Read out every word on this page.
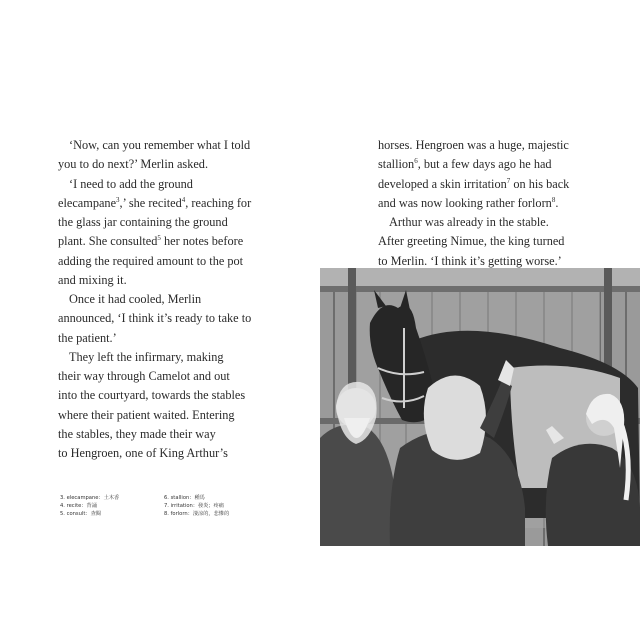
‘Now, can you remember what I told
you to do next?’ Merlin asked.
‘I need to add the ground
elecampane$^3$,’ she recited$^4$, reaching for
the glass jar containing the ground
plant. She consulted$^5$ her notes before
adding the required amount to the pot
and mixing it.
Once it had cooled, Merlin
announced, ‘I think it’s ready to take to
the patient.’
They left the infirmary, making
their way through Camelot and out
into the courtyard, towards the stables
where their patient waited. Entering
the stables, they made their way
to Hengroen, one of King Arthur’s
3. elecampane：土木香
4. recite：背誦
5. consult：查閱
6. stallion：種馬
7. irritation：發炎；疼痛
8. forlorn：淒涼的，悲慘的
horses. Hengroen was a huge, majestic
stallion$^6$, but a few days ago he had
developed a skin irritation$^7$ on his back
and was now looking rather forlorn$^8$.
Arthur was already in the stable.
After greeting Nimue, the king turned
to Merlin. ‘I think it’s getting worse.’
